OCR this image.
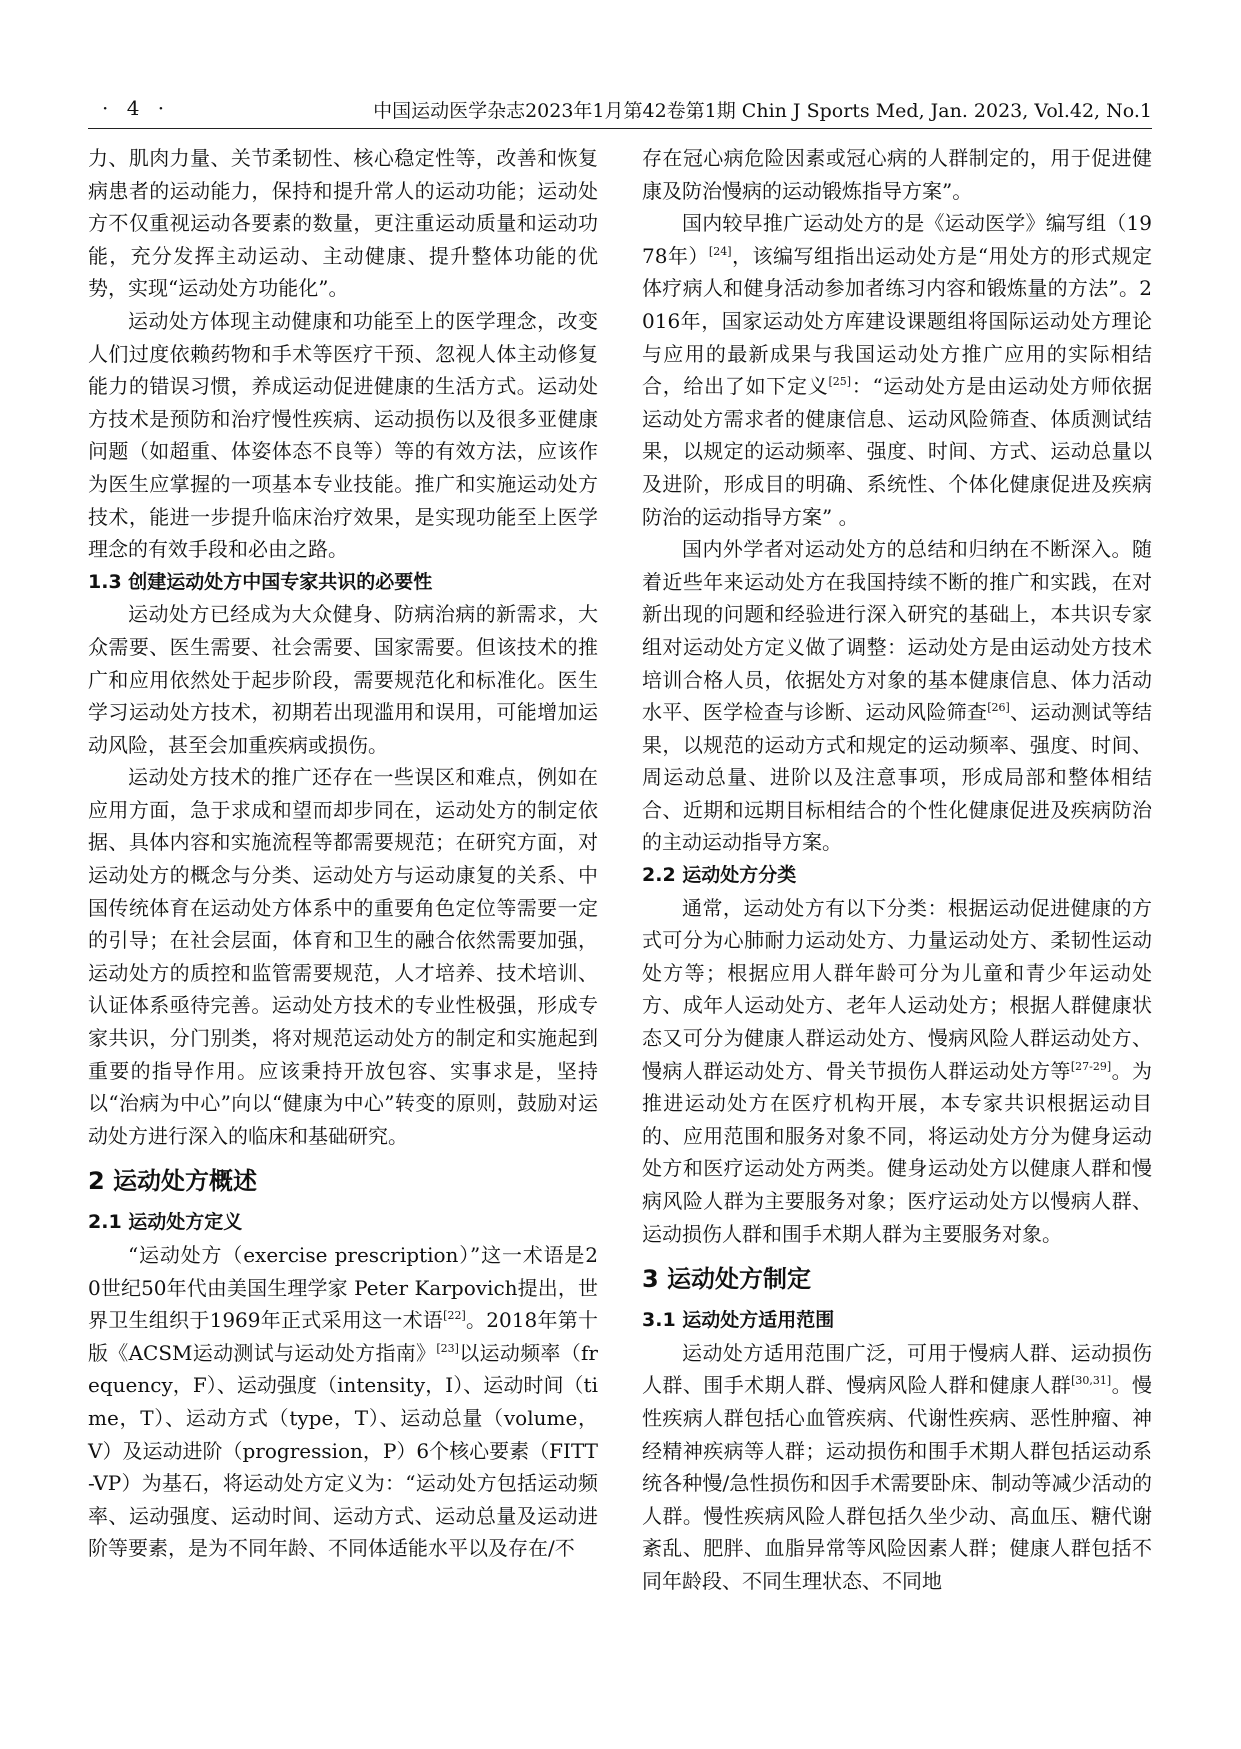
· 4 ·	中国运动医学杂志2023年1月第42卷第1期 Chin J Sports Med, Jan. 2023, Vol.42, No.1

力、肌肉力量、关节柔韧性、核心稳定性等，改善和恢复病患者的运动能力，保持和提升常人的运动功能；运动处方不仅重视运动各要素的数量，更注重运动质量和运动功能，充分发挥主动运动、主动健康、提升整体功能的优势，实现“运动处方功能化”。

运动处方体现主动健康和功能至上的医学理念，改变人们过度依赖药物和手术等医疗干预、忽视人体主动修复能力的错误习惯，养成运动促进健康的生活方式。运动处方技术是预防和治疗慢性疾病、运动损伤以及很多亚健康问题（如超重、体姿体态不良等）等的有效方法，应该作为医生应掌握的一项基本专业技能。推广和实施运动处方技术，能进一步提升临床治疗效果，是实现功能至上医学理念的有效手段和必由之路。

1.3 创建运动处方中国专家共识的必要性

运动处方已经成为大众健身、防病治病的新需求，大众需要、医生需要、社会需要、国家需要。但该技术的推广和应用依然处于起步阶段，需要规范化和标准化。医生学习运动处方技术，初期若出现滥用和误用，可能增加运动风险，甚至会加重疾病或损伤。

运动处方技术的推广还存在一些误区和难点，例如在应用方面，急于求成和望而却步同在，运动处方的制定依据、具体内容和实施流程等都需要规范；在研究方面，对运动处方的概念与分类、运动处方与运动康复的关系、中国传统体育在运动处方体系中的重要角色定位等需要一定的引导；在社会层面，体育和卫生的融合依然需要加强，运动处方的质控和监管需要规范，人才培养、技术培训、认证体系亟待完善。运动处方技术的专业性极强，形成专家共识，分门别类，将对规范运动处方的制定和实施起到重要的指导作用。应该秉持开放包容、实事求是，坚持以“治病为中心”向以“健康为中心”转变的原则，鼓励对运动处方进行深入的临床和基础研究。

2 运动处方概述
2.1 运动处方定义

“运动处方（exercise prescription）”这一术语是20世纪50年代由美国生理学家 Peter Karpovich提出，世界卫生组织于1969年正式采用这一术语[22]。2018年第十版《ACSM运动测试与运动处方指南》[23]以运动频率（frequency，F）、运动强度（intensity，I）、运动时间（time，T）、运动方式（type，T）、运动总量（volume，V）及运动进阶（progression，P）6个核心要素（FITT-VP）为基石，将运动处方定义为：“运动处方包括运动频率、运动强度、运动时间、运动方式、运动总量及运动进阶等要素，是为不同年龄、不同体适能水平以及存在/不

存在冠心病危险因素或冠心病的人群制定的，用于促进健康及防治慢病的运动锻炼指导方案”。

国内较早推广运动处方的是《运动医学》编写组（1978年）[24]，该编写组指出运动处方是“用处方的形式规定体疗病人和健身活动参加者练习内容和锻炼量的方法”。2016年，国家运动处方库建设课题组将国际运动处方理论与应用的最新成果与我国运动处方推广应用的实际相结合，给出了如下定义[25]：“运动处方是由运动处方师依据运动处方需求者的健康信息、运动风险筛查、体质测试结果，以规定的运动频率、强度、时间、方式、运动总量以及进阶，形成目的明确、系统性、个体化健康促进及疾病防治的运动指导方案” 。

国内外学者对运动处方的总结和归纳在不断深入。随着近些年来运动处方在我国持续不断的推广和实践，在对新出现的问题和经验进行深入研究的基础上，本共识专家组对运动处方定义做了调整：运动处方是由运动处方技术培训合格人员，依据处方对象的基本健康信息、体力活动水平、医学检查与诊断、运动风险筛查[26]、运动测试等结果，以规范的运动方式和规定的运动频率、强度、时间、周运动总量、进阶以及注意事项，形成局部和整体相结合、近期和远期目标相结合的个性化健康促进及疾病防治的主动运动指导方案。

2.2 运动处方分类

通常，运动处方有以下分类：根据运动促进健康的方式可分为心肺耐力运动处方、力量运动处方、柔韧性运动处方等；根据应用人群年龄可分为儿童和青少年运动处方、成年人运动处方、老年人运动处方；根据人群健康状态又可分为健康人群运动处方、慢病风险人群运动处方、慢病人群运动处方、骨关节损伤人群运动处方等[27-29]。为推进运动处方在医疗机构开展，本专家共识根据运动目的、应用范围和服务对象不同，将运动处方分为健身运动处方和医疗运动处方两类。健身运动处方以健康人群和慢病风险人群为主要服务对象；医疗运动处方以慢病人群、运动损伤人群和围手术期人群为主要服务对象。

3 运动处方制定
3.1 运动处方适用范围

运动处方适用范围广泛，可用于慢病人群、运动损伤人群、围手术期人群、慢病风险人群和健康人群[30,31]。慢性疾病人群包括心血管疾病、代谢性疾病、恶性肿瘤、神经精神疾病等人群；运动损伤和围手术期人群包括运动系统各种慢/急性损伤和因手术需要卧床、制动等减少活动的人群。慢性疾病风险人群包括久坐少动、高血压、糖代谢紊乱、肥胖、血脂异常等风险因素人群；健康人群包括不同年龄段、不同生理状态、不同地
